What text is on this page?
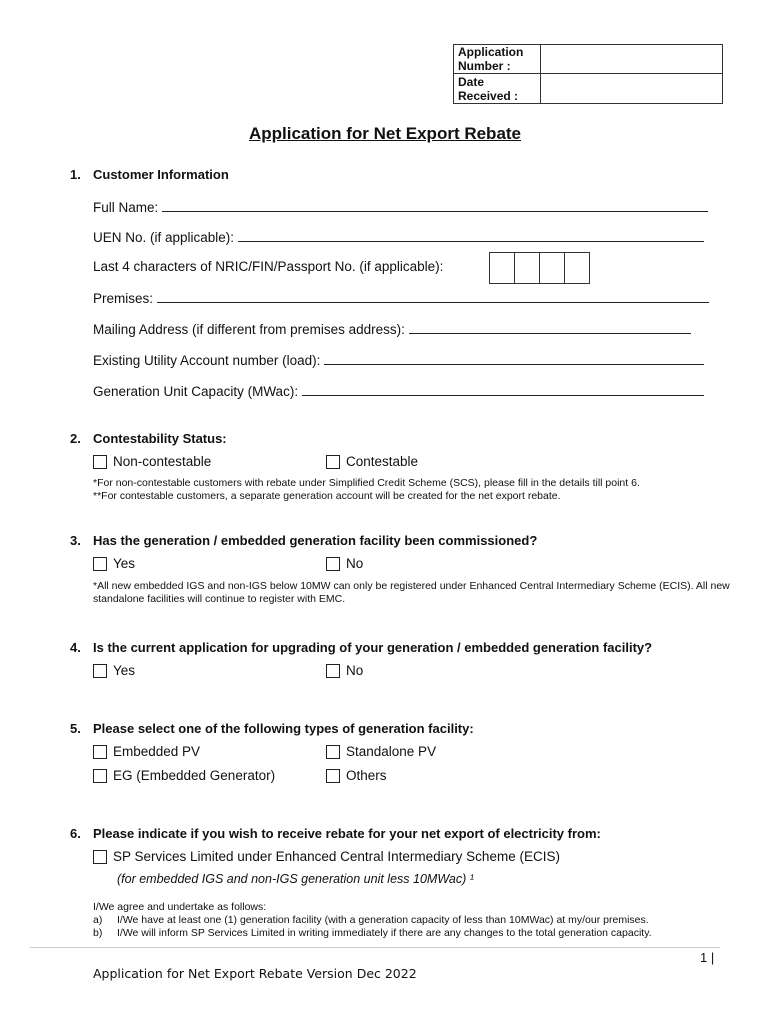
Application Number :	
Date Received :	
Application for Net Export Rebate
1. Customer Information
Full Name:
UEN No. (if applicable):
Last 4 characters of NRIC/FIN/Passport No. (if applicable):
Premises:
Mailing Address (if different from premises address):
Existing Utility Account number (load):
Generation Unit Capacity (MWac):
2. Contestability Status:
Non-contestable	Contestable
*For non-contestable customers with rebate under Simplified Credit Scheme (SCS), please fill in the details till point 6.
**For contestable customers, a separate generation account will be created for the net export rebate.
3. Has the generation / embedded generation facility been commissioned?
Yes	No
*All new embedded IGS and non-IGS below 10MW can only be registered under Enhanced Central Intermediary Scheme (ECIS). All new standalone facilities will continue to register with EMC.
4. Is the current application for upgrading of your generation / embedded generation facility?
Yes	No
5. Please select one of the following types of generation facility:
Embedded PV	Standalone PV
EG (Embedded Generator)	Others
6. Please indicate if you wish to receive rebate for your net export of electricity from:
SP Services Limited under Enhanced Central Intermediary Scheme (ECIS)
(for embedded IGS and non-IGS generation unit less 10MWac) ¹
I/We agree and undertake as follows:
a) I/We have at least one (1) generation facility (with a generation capacity of less than 10MWac) at my/our premises.
b) I/We will inform SP Services Limited in writing immediately if there are any changes to the total generation capacity.
1 |
Application for Net Export Rebate Version Dec 2022
